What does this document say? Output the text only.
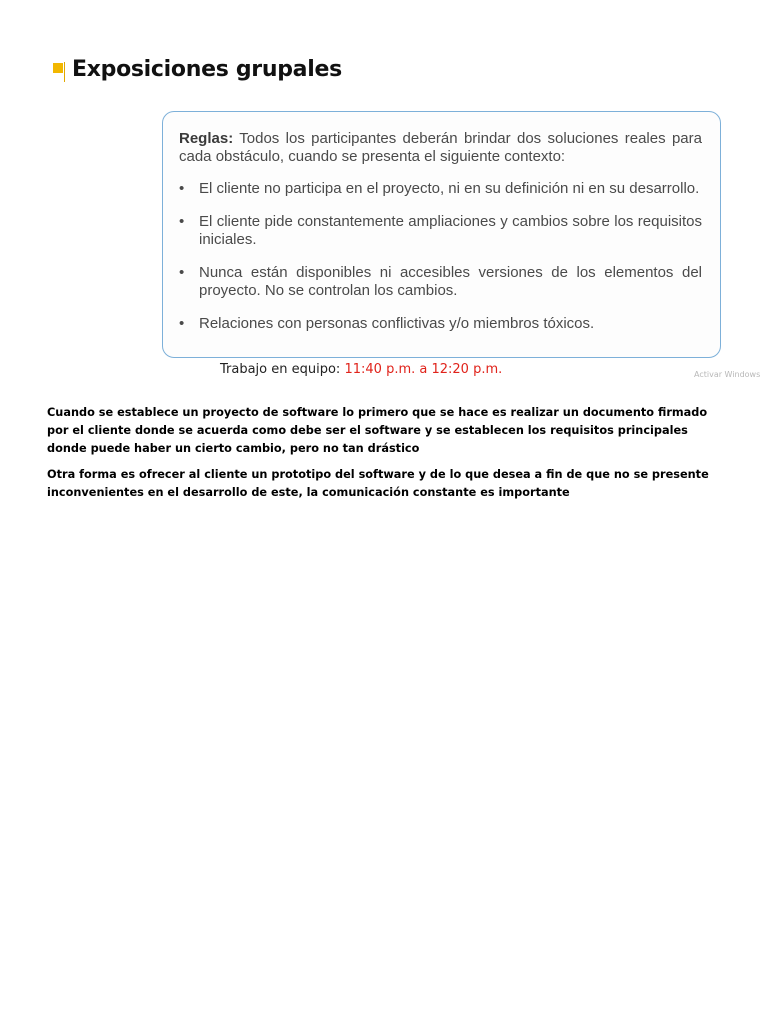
Exposiciones grupales

Reglas: Todos los participantes deberán brindar dos soluciones reales para cada obstáculo, cuando se presenta el siguiente contexto:

• El cliente no participa en el proyecto, ni en su definición ni en su desarrollo.
• El cliente pide constantemente ampliaciones y cambios sobre los requisitos iniciales.
• Nunca están disponibles ni accesibles versiones de los elementos del proyecto. No se controlan los cambios.
• Relaciones con personas conflictivas y/o miembros tóxicos.
Trabajo en equipo: 11:40 p.m. a 12:20 p.m.	Activar Windows

Cuando se establece un proyecto de software lo primero que se hace es realizar un documento firmado por el cliente donde se acuerda como debe ser el software y se establecen los requisitos principales donde puede haber un cierto cambio, pero no tan drástico

Otra forma es ofrecer al cliente un prototipo del software y de lo que desea a fin de que no se presente inconvenientes en el desarrollo de este, la comunicación constante es importante
